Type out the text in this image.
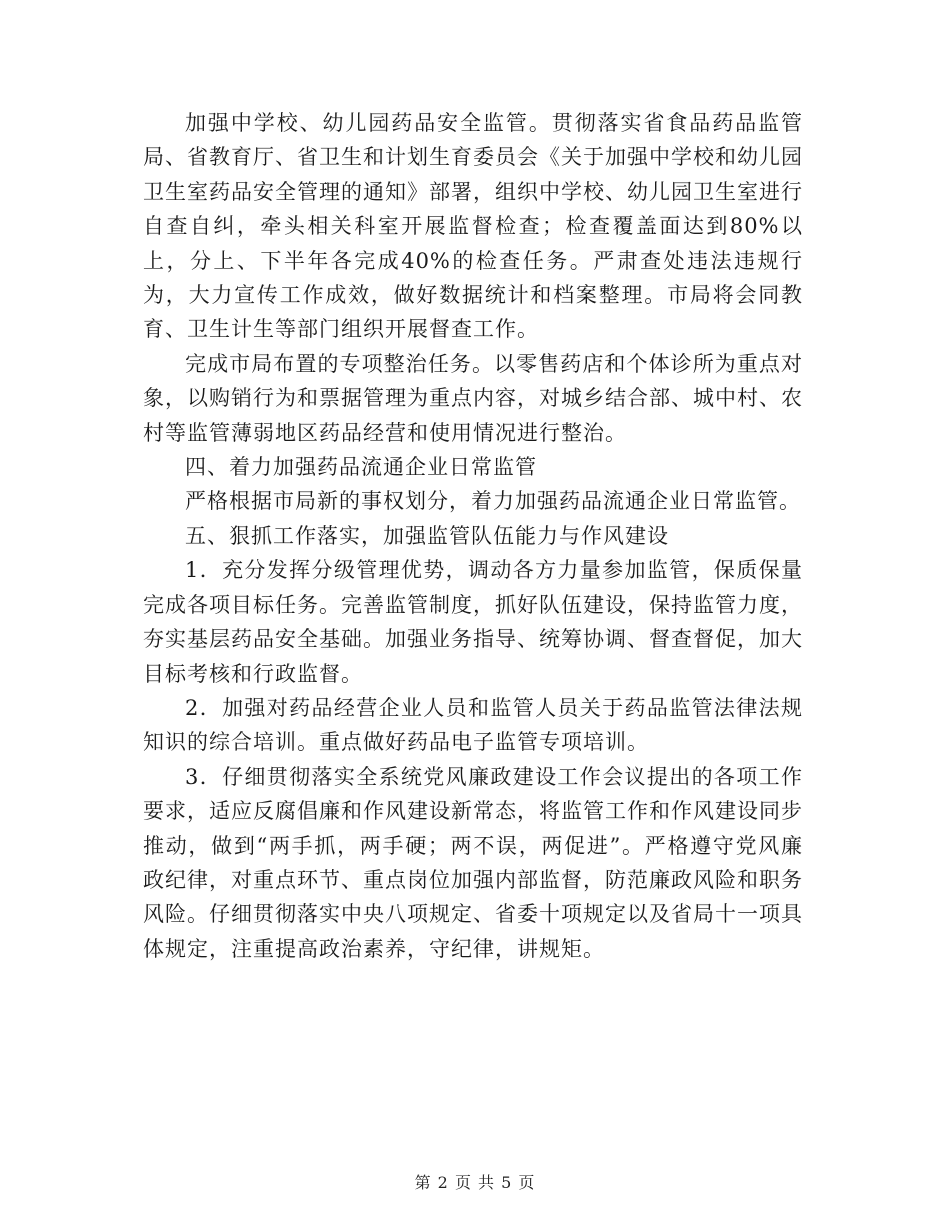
加强中学校、幼儿园药品安全监管。贯彻落实省食品药品监管局、省教育厅、省卫生和计划生育委员会《关于加强中学校和幼儿园卫生室药品安全管理的通知》部署，组织中学校、幼儿园卫生室进行自查自纠，牵头相关科室开展监督检查；检查覆盖面达到80%以上，分上、下半年各完成40%的检查任务。严肃查处违法违规行为，大力宣传工作成效，做好数据统计和档案整理。市局将会同教育、卫生计生等部门组织开展督查工作。

完成市局布置的专项整治任务。以零售药店和个体诊所为重点对象，以购销行为和票据管理为重点内容，对城乡结合部、城中村、农村等监管薄弱地区药品经营和使用情况进行整治。

四、着力加强药品流通企业日常监管

严格根据市局新的事权划分，着力加强药品流通企业日常监管。

五、狠抓工作落实，加强监管队伍能力与作风建设

1．充分发挥分级管理优势，调动各方力量参加监管，保质保量完成各项目标任务。完善监管制度，抓好队伍建设，保持监管力度，夯实基层药品安全基础。加强业务指导、统筹协调、督查督促，加大目标考核和行政监督。

2．加强对药品经营企业人员和监管人员关于药品监管法律法规知识的综合培训。重点做好药品电子监管专项培训。

3．仔细贯彻落实全系统党风廉政建设工作会议提出的各项工作要求，适应反腐倡廉和作风建设新常态，将监管工作和作风建设同步推动，做到“两手抓，两手硬；两不误，两促进”。严格遵守党风廉政纪律，对重点环节、重点岗位加强内部监督，防范廉政风险和职务风险。仔细贯彻落实中央八项规定、省委十项规定以及省局十一项具体规定，注重提高政治素养，守纪律，讲规矩。

第 2 页 共 5 页
